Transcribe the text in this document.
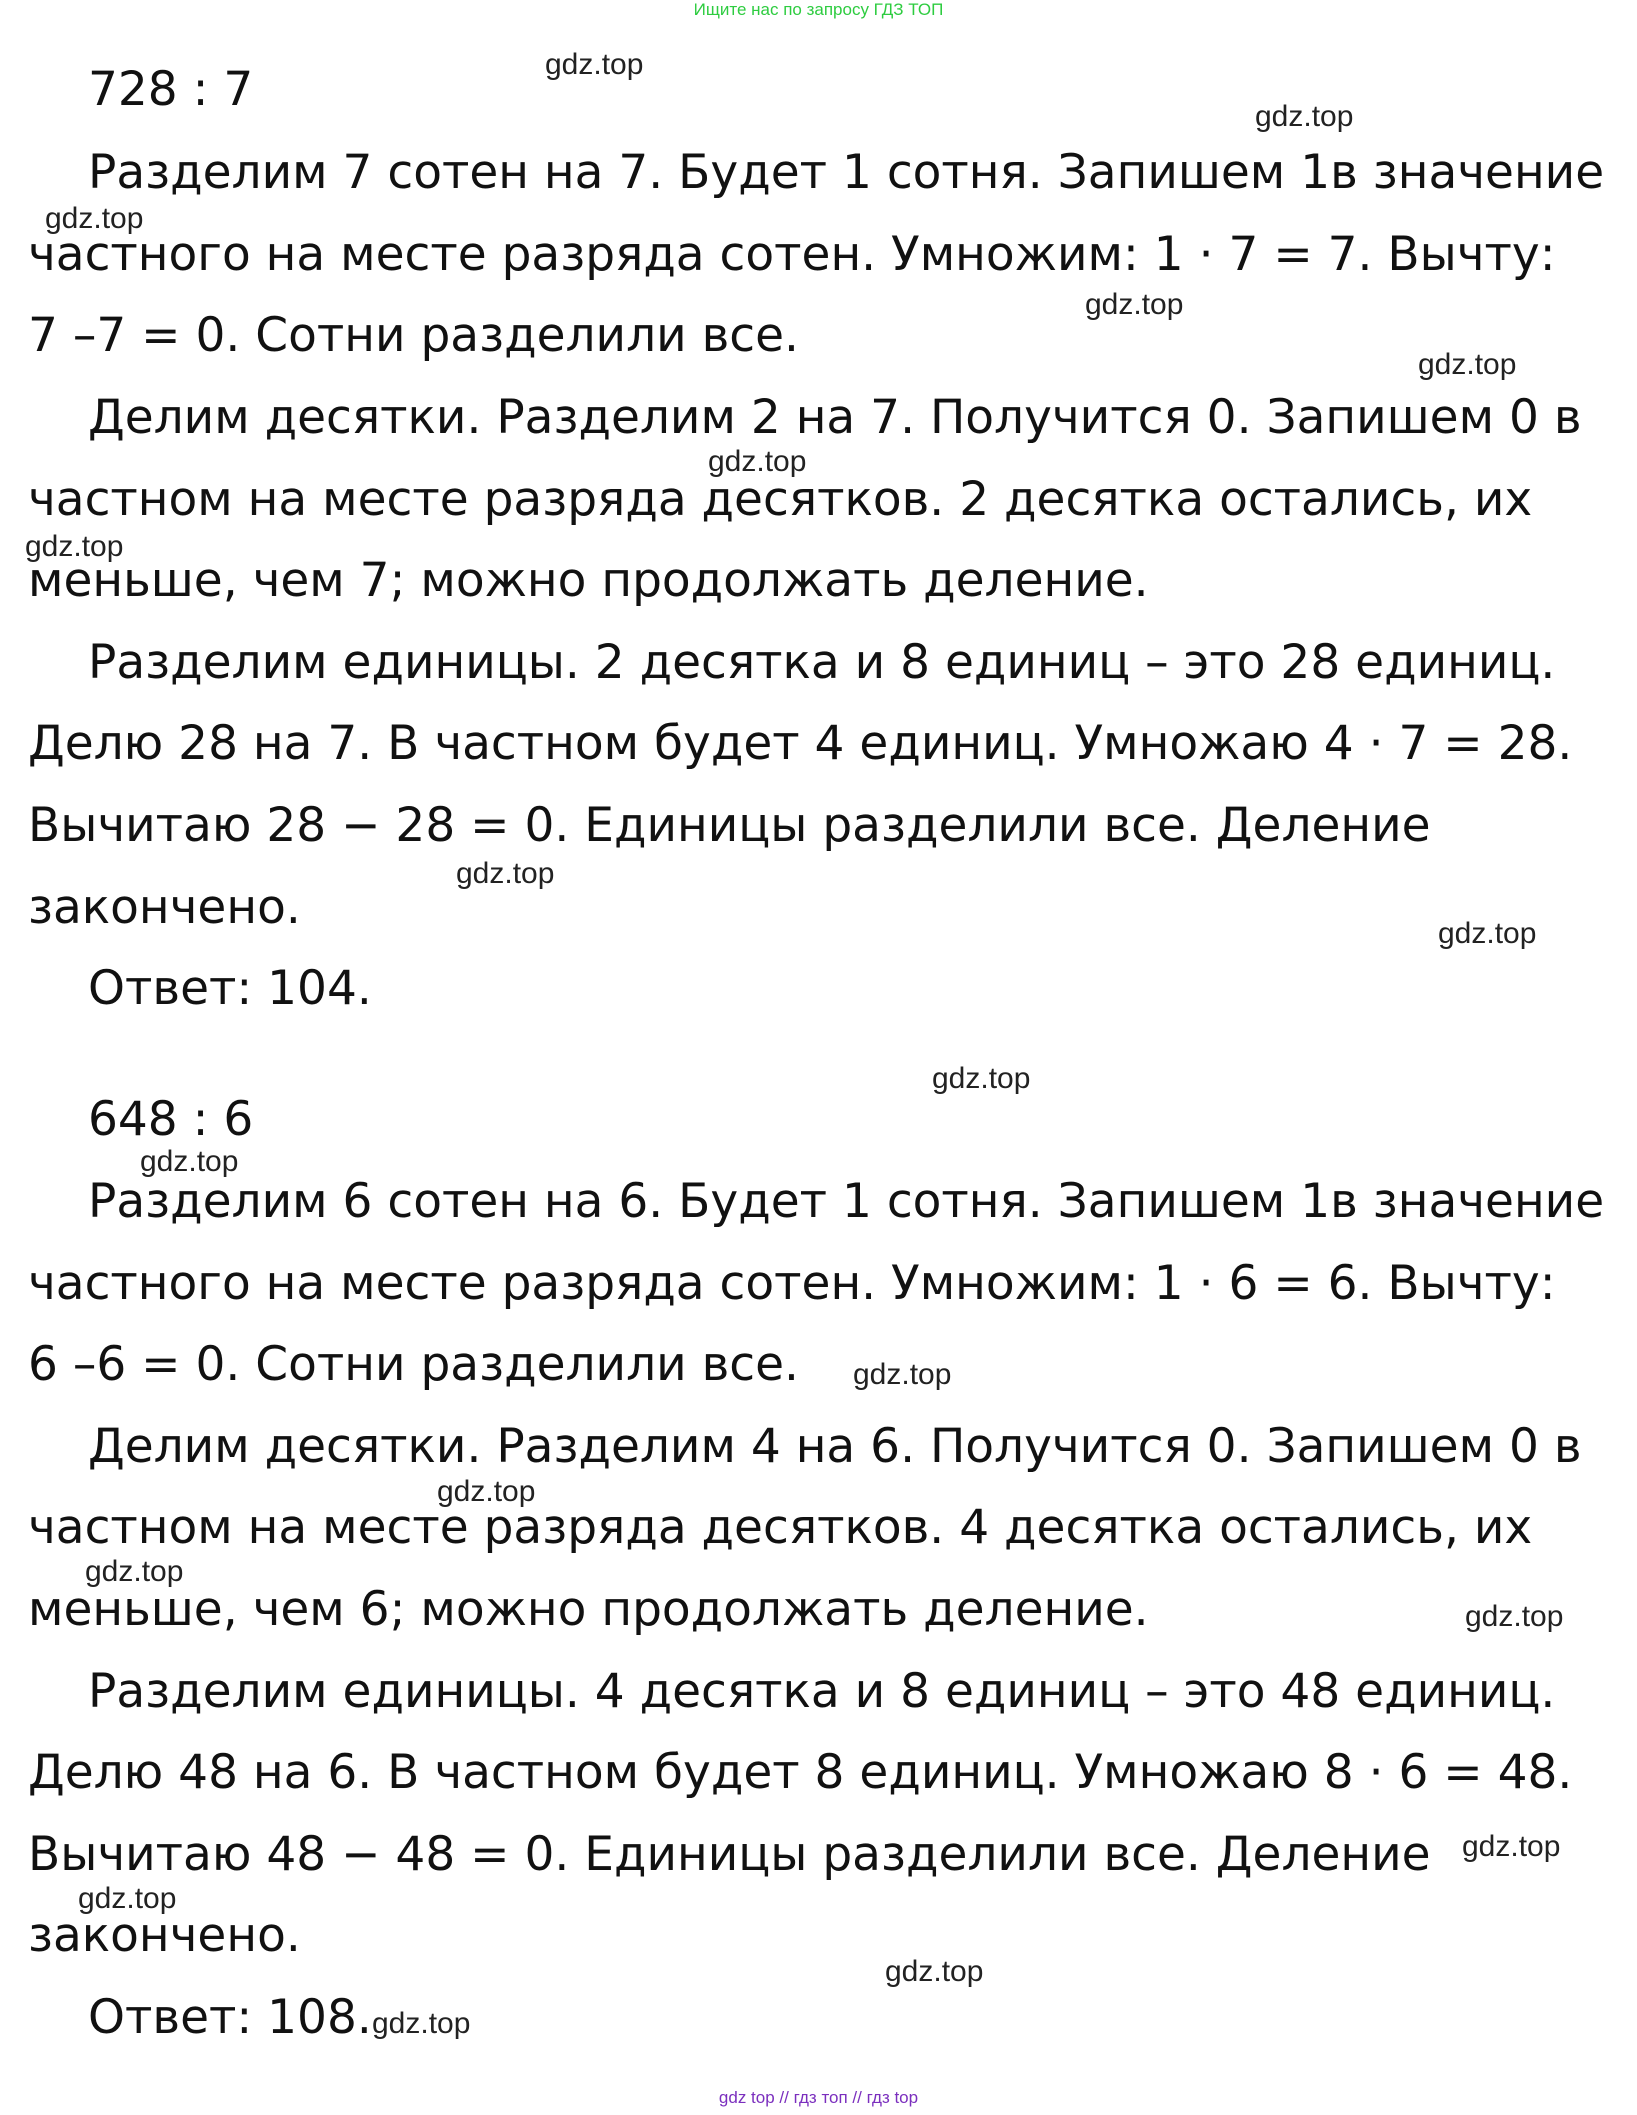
Ищите нас по запросу ГДЗ ТОП

728 : 7

Разделим 7 сотен на 7. Будет 1 сотня. Запишем 1в значение

частного на месте разряда сотен. Умножим: 1 · 7 = 7. Вычту:

7 –7 = 0. Сотни разделили все.

Делим десятки. Разделим 2 на 7. Получится 0. Запишем 0 в

частном на месте разряда десятков. 2 десятка остались, их

меньше, чем 7; можно продолжать деление.

Разделим единицы. 2 десятка и 8 единиц – это 28 единиц.

Делю 28 на 7. В частном будет 4 единиц. Умножаю 4 · 7 = 28.

Вычитаю 28 − 28 = 0. Единицы разделили все. Деление

закончено.

Ответ: 104.

648 : 6

Разделим 6 сотен на 6. Будет 1 сотня. Запишем 1в значение

частного на месте разряда сотен. Умножим: 1 · 6 = 6. Вычту:

6 –6 = 0. Сотни разделили все.

Делим десятки. Разделим 4 на 6. Получится 0. Запишем 0 в

частном на месте разряда десятков. 4 десятка остались, их

меньше, чем 6; можно продолжать деление.

Разделим единицы. 4 десятка и 8 единиц – это 48 единиц.

Делю 48 на 6. В частном будет 8 единиц. Умножаю 8 · 6 = 48.

Вычитаю 48 − 48 = 0. Единицы разделили все. Деление

закончено.

Ответ: 108.

gdz.top
gdz.top
gdz.top
gdz.top
gdz.top
gdz.top
gdz.top
gdz.top
gdz.top
gdz.top
gdz.top
gdz.top
gdz.top
gdz.top
gdz.top
gdz.top
gdz.top
gdz.top
gdz.top
gdz top // гдз топ // гдз top
